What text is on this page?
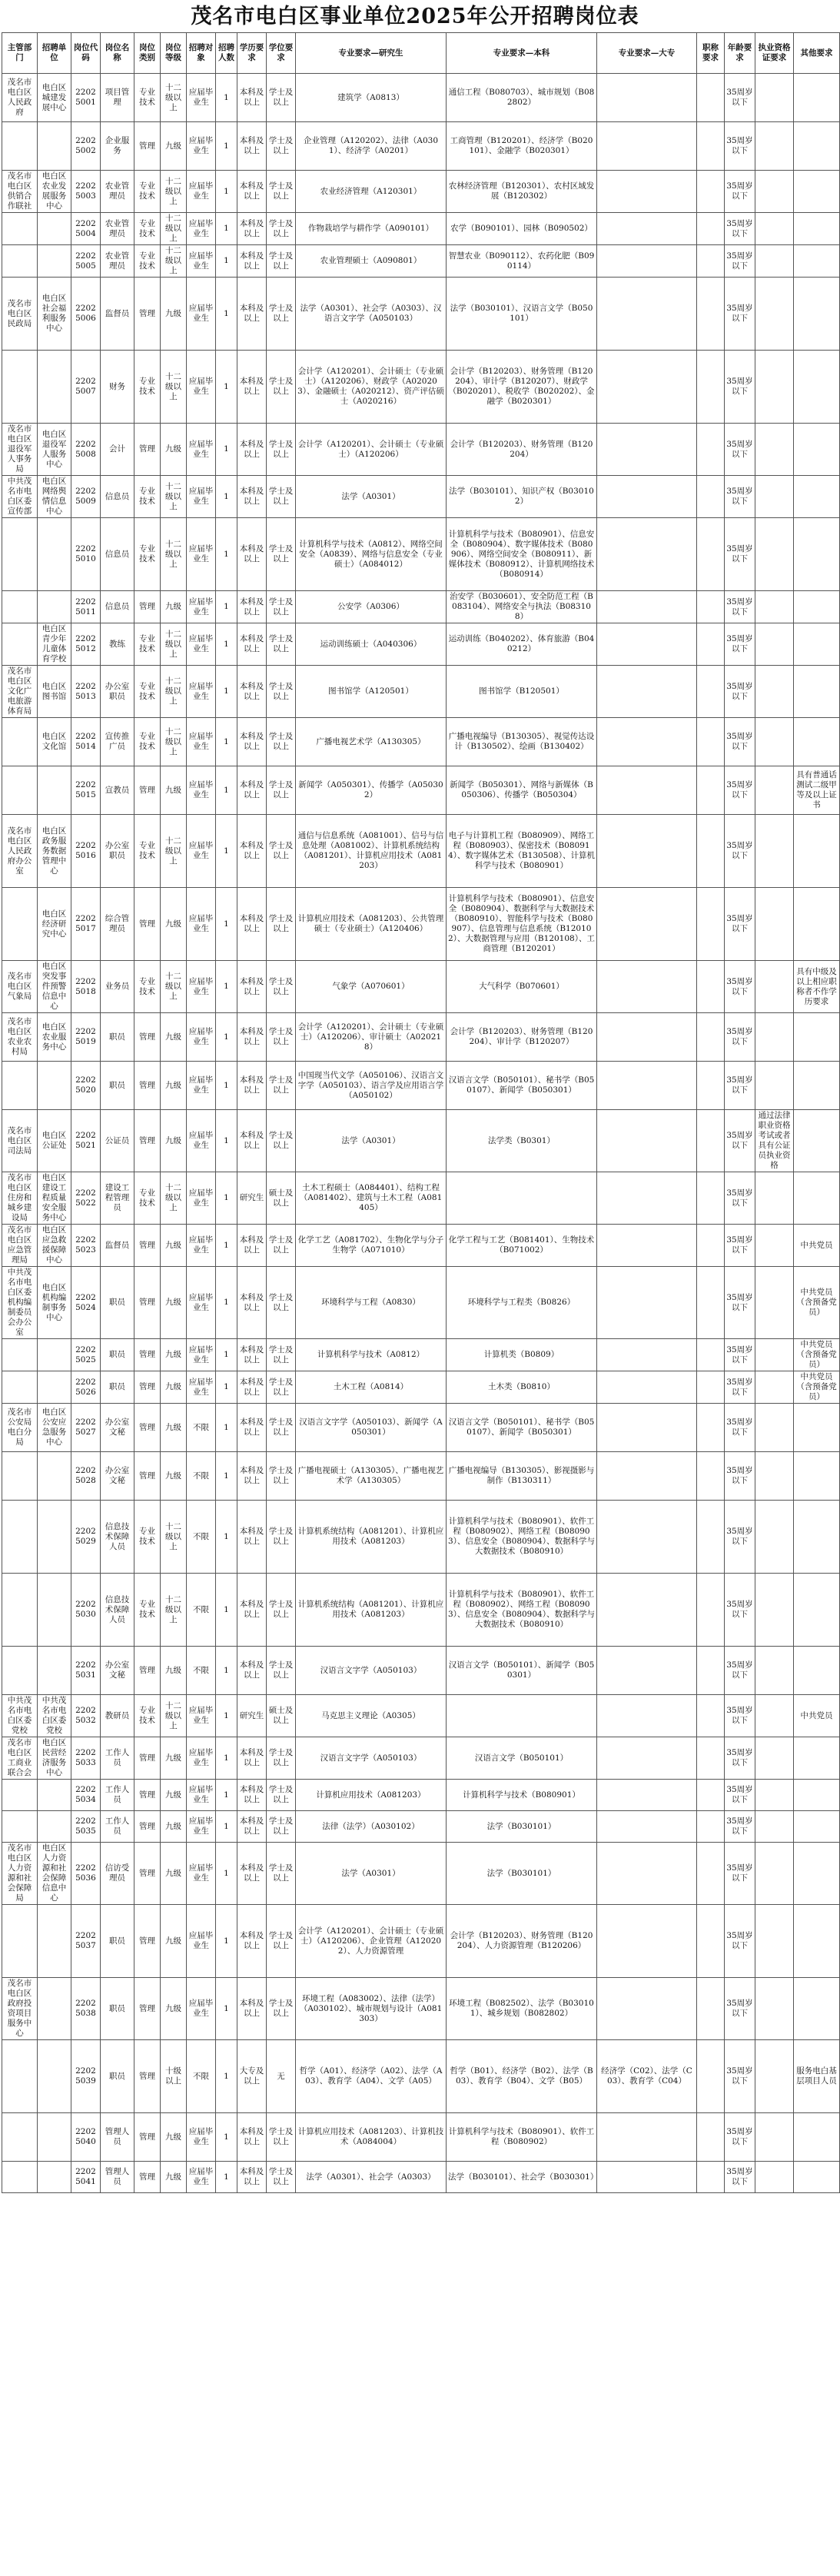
茂名市电白区事业单位2025年公开招聘岗位表
主管部门	招聘单位	岗位代码	岗位名称	岗位类别	岗位等级	招聘对象	招聘人数	学历要求	学位要求	专业要求—研究生	专业要求—本科	专业要求—大专	职称要求	年龄要求	执业资格证要求	其他要求
茂名市电白区人民政府	电白区城建发展中心	22025001	项目管理	专业技术	十二级以上	应届毕业生	1	本科及以上	学士及以上	建筑学（A0813）	通信工程（B080703）、城市规划（B082802）			35周岁以下		
		22025002	企业服务	管理	九级	应届毕业生	1	本科及以上	学士及以上	企业管理（A120202）、法律（A0301）、经济学（A0201）	工商管理（B120201）、经济学（B020101）、金融学（B020301）			35周岁以下		
茂名市电白区供销合作联社	电白区农业发展服务中心	22025003	农业管理员	专业技术	十二级以上	应届毕业生	1	本科及以上	学士及以上	农业经济管理（A120301）	农林经济管理（B120301）、农村区域发展（B120302）			35周岁以下		
		22025004	农业管理员	专业技术	十二级以上	应届毕业生	1	本科及以上	学士及以上	作物栽培学与耕作学（A090101）	农学（B090101）、园林（B090502）			35周岁以下		
		22025005	农业管理员	专业技术	十二级以上	应届毕业生	1	本科及以上	学士及以上	农业管理硕士（A090801）	智慧农业（B090112）、农药化肥（B090114）			35周岁以下		
茂名市电白区民政局	电白区社会福利服务中心	22025006	监督员	管理	九级	应届毕业生	1	本科及以上	学士及以上	法学（A0301）、社会学（A0303）、汉语言文字学（A050103）	法学（B030101）、汉语言文学（B050101）			35周岁以下		
		22025007	财务	专业技术	十二级以上	应届毕业生	1	本科及以上	学士及以上	会计学（A120201）、会计硕士（专业硕士）（A120206）、财政学（A020203）、金融硕士（A020212）、资产评估硕士（A020216）	会计学（B120203）、财务管理（B120204）、审计学（B120207）、财政学（B020201）、税收学（B020202）、金融学（B020301）			35周岁以下		
茂名市电白区退役军人事务局	电白区退役军人服务中心	22025008	会计	管理	九级	应届毕业生	1	本科及以上	学士及以上	会计学（A120201）、会计硕士（专业硕士）（A120206）	会计学（B120203）、财务管理（B120204）			35周岁以下		
中共茂名市电白区委宣传部	电白区网络舆情信息中心	22025009	信息员	专业技术	十二级以上	应届毕业生	1	本科及以上	学士及以上	法学（A0301）	法学（B030101）、知识产权（B030102）			35周岁以下		
		22025010	信息员	专业技术	十二级以上	应届毕业生	1	本科及以上	学士及以上	计算机科学与技术（A0812）、网络空间安全（A0839）、网络与信息安全（专业硕士）（A084012）	计算机科学与技术（B080901）、信息安全（B080904）、数字媒体技术（B080906）、网络空间安全（B080911）、新媒体技术（B080912）、计算机网络技术（B080914）			35周岁以下		
		22025011	信息员	管理	九级	应届毕业生	1	本科及以上	学士及以上	公安学（A0306）	治安学（B030601）、安全防范工程（B083104）、网络安全与执法（B083108）			35周岁以下		
	电白区青少年儿童体育学校	22025012	教练	专业技术	十二级以上	应届毕业生	1	本科及以上	学士及以上	运动训练硕士（A040306）	运动训练（B040202）、体育旅游（B040212）			35周岁以下		
茂名市电白区文化广电旅游体育局	电白区图书馆	22025013	办公室职员	专业技术	十二级以上	应届毕业生	1	本科及以上	学士及以上	图书馆学（A120501）	图书馆学（B120501）			35周岁以下		
	电白区文化馆	22025014	宣传推广员	专业技术	十二级以上	应届毕业生	1	本科及以上	学士及以上	广播电视艺术学（A130305）	广播电视编导（B130305）、视觉传达设计（B130502）、绘画（B130402）			35周岁以下		
		22025015	宣教员	管理	九级	应届毕业生	1	本科及以上	学士及以上	新闻学（A050301）、传播学（A050302）	新闻学（B050301）、网络与新媒体（B050306）、传播学（B050304）			35周岁以下		具有普通话测试二级甲等及以上证书
茂名市电白区人民政府办公室	电白区政务服务数据管理中心	22025016	办公室职员	专业技术	十二级以上	应届毕业生	1	本科及以上	学士及以上	通信与信息系统（A081001）、信号与信息处理（A081002）、计算机系统结构（A081201）、计算机应用技术（A081203）	电子与计算机工程（B080909）、网络工程（B080903）、保密技术（B080914）、数字媒体艺术（B130508）、计算机科学与技术（B080901）			35周岁以下		
	电白区经济研究中心	22025017	综合管理员	管理	九级	应届毕业生	1	本科及以上	学士及以上	计算机应用技术（A081203）、公共管理硕士（专业硕士）（A120406）	计算机科学与技术（B080901）、信息安全（B080904）、数据科学与大数据技术（B080910）、智能科学与技术（B080907）、信息管理与信息系统（B120102）、大数据管理与应用（B120108）、工商管理（B120201）			35周岁以下		
茂名市电白区气象局	电白区突发事件预警信息中心	22025018	业务员	专业技术	十二级以上	应届毕业生	1	本科及以上	学士及以上	气象学（A070601）	大气科学（B070601）			35周岁以下		具有中级及以上相应职称者不作学历要求
茂名市电白区农业农村局	电白区农业服务中心	22025019	职员	管理	九级	应届毕业生	1	本科及以上	学士及以上	会计学（A120201）、会计硕士（专业硕士）（A120206）、审计硕士（A020218）	会计学（B120203）、财务管理（B120204）、审计学（B120207）			35周岁以下		
		22025020	职员	管理	九级	应届毕业生	1	本科及以上	学士及以上	中国现当代文学（A050106）、汉语言文字学（A050103）、语言学及应用语言学（A050102）	汉语言文学（B050101）、秘书学（B050107）、新闻学（B050301）			35周岁以下		
茂名市电白区司法局	电白区公证处	22025021	公证员	管理	九级	应届毕业生	1	本科及以上	学士及以上	法学（A0301）	法学类（B0301）			35周岁以下	通过法律职业资格考试或者具有公证员执业资格	
茂名市电白区住房和城乡建设局	电白区建设工程质量安全服务中心	22025022	建设工程管理员	专业技术	十二级以上	应届毕业生	1	研究生	硕士及以上	土木工程硕士（A084401）、结构工程（A081402）、建筑与土木工程（A081405）				35周岁以下		
茂名市电白区应急管理局	电白区应急救援保障中心	22025023	监督员	管理	九级	应届毕业生	1	本科及以上	学士及以上	化学工艺（A081702）、生物化学与分子生物学（A071010）	化学工程与工艺（B081401）、生物技术（B071002）			35周岁以下		中共党员
中共茂名市电白区委机构编制委员会办公室	电白区机构编制事务中心	22025024	职员	管理	九级	应届毕业生	1	本科及以上	学士及以上	环境科学与工程（A0830）	环境科学与工程类（B0826）			35周岁以下		中共党员（含预备党员）
		22025025	职员	管理	九级	应届毕业生	1	本科及以上	学士及以上	计算机科学与技术（A0812）	计算机类（B0809）			35周岁以下		中共党员（含预备党员）
		22025026	职员	管理	九级	应届毕业生	1	本科及以上	学士及以上	土木工程（A0814）	土木类（B0810）			35周岁以下		中共党员（含预备党员）
茂名市公安局电白分局	电白区公安应急服务中心	22025027	办公室文秘	管理	九级	不限	1	本科及以上	学士及以上	汉语言文字学（A050103）、新闻学（A050301）	汉语言文学（B050101）、秘书学（B050107）、新闻学（B050301）			35周岁以下		
		22025028	办公室文秘	管理	九级	不限	1	本科及以上	学士及以上	广播电视硕士（A130305）、广播电视艺术学（A130305）	广播电视编导（B130305）、影视摄影与制作（B130311）			35周岁以下		
		22025029	信息技术保障人员	专业技术	十二级以上	不限	1	本科及以上	学士及以上	计算机系统结构（A081201）、计算机应用技术（A081203）	计算机科学与技术（B080901）、软件工程（B080902）、网络工程（B080903）、信息安全（B080904）、数据科学与大数据技术（B080910）			35周岁以下		
		22025030	信息技术保障人员	专业技术	十二级以上	不限	1	本科及以上	学士及以上	计算机系统结构（A081201）、计算机应用技术（A081203）	计算机科学与技术（B080901）、软件工程（B080902）、网络工程（B080903）、信息安全（B080904）、数据科学与大数据技术（B080910）			35周岁以下		
		22025031	办公室文秘	管理	九级	不限	1	本科及以上	学士及以上	汉语言文字学（A050103）	汉语言文学（B050101）、新闻学（B050301）			35周岁以下		
中共茂名市电白区委党校	中共茂名市电白区委党校	22025032	教研员	专业技术	十二级以上	应届毕业生	1	研究生	硕士及以上	马克思主义理论（A0305）				35周岁以下		中共党员
茂名市电白区工商业联合会	电白区民营经济服务中心	22025033	工作人员	管理	九级	应届毕业生	1	本科及以上	学士及以上	汉语言文字学（A050103）	汉语言文学（B050101）			35周岁以下		
		22025034	工作人员	管理	九级	应届毕业生	1	本科及以上	学士及以上	计算机应用技术（A081203）	计算机科学与技术（B080901）			35周岁以下		
		22025035	工作人员	管理	九级	应届毕业生	1	本科及以上	学士及以上	法律（法学）（A030102）	法学（B030101）			35周岁以下		
茂名市电白区人力资源和社会保障局	电白区人力资源和社会保障信息中心	22025036	信访受理员	管理	九级	应届毕业生	1	本科及以上	学士及以上	法学（A0301）	法学（B030101）			35周岁以下		
		22025037	职员	管理	九级	应届毕业生	1	本科及以上	学士及以上	会计学（A120201）、会计硕士（专业硕士）（A120206）、企业管理（A120202）、人力资源管理	会计学（B120203）、财务管理（B120204）、人力资源管理（B120206）			35周岁以下		
茂名市电白区政府投资项目服务中心		22025038	职员	管理	九级	应届毕业生	1	本科及以上	学士及以上	环境工程（A083002）、法律（法学）（A030102）、城市规划与设计（A081303）	环境工程（B082502）、法学（B030101）、城乡规划（B082802）			35周岁以下		
		22025039	职员	管理	十级以上	不限	1	大专及以上	无	哲学（A01）、经济学（A02）、法学（A03）、教育学（A04）、文学（A05）	哲学（B01）、经济学（B02）、法学（B03）、教育学（B04）、文学（B05）	经济学（C02）、法学（C03）、教育学（C04）		35周岁以下		服务电白基层项目人员
		22025040	管理人员	管理	九级	应届毕业生	1	本科及以上	学士及以上	计算机应用技术（A081203）、计算机技术（A084004）	计算机科学与技术（B080901）、软件工程（B080902）			35周岁以下		
		22025041	管理人员	管理	九级	应届毕业生	1	本科及以上	学士及以上	法学（A0301）、社会学（A0303）	法学（B030101）、社会学（B030301）			35周岁以下		
